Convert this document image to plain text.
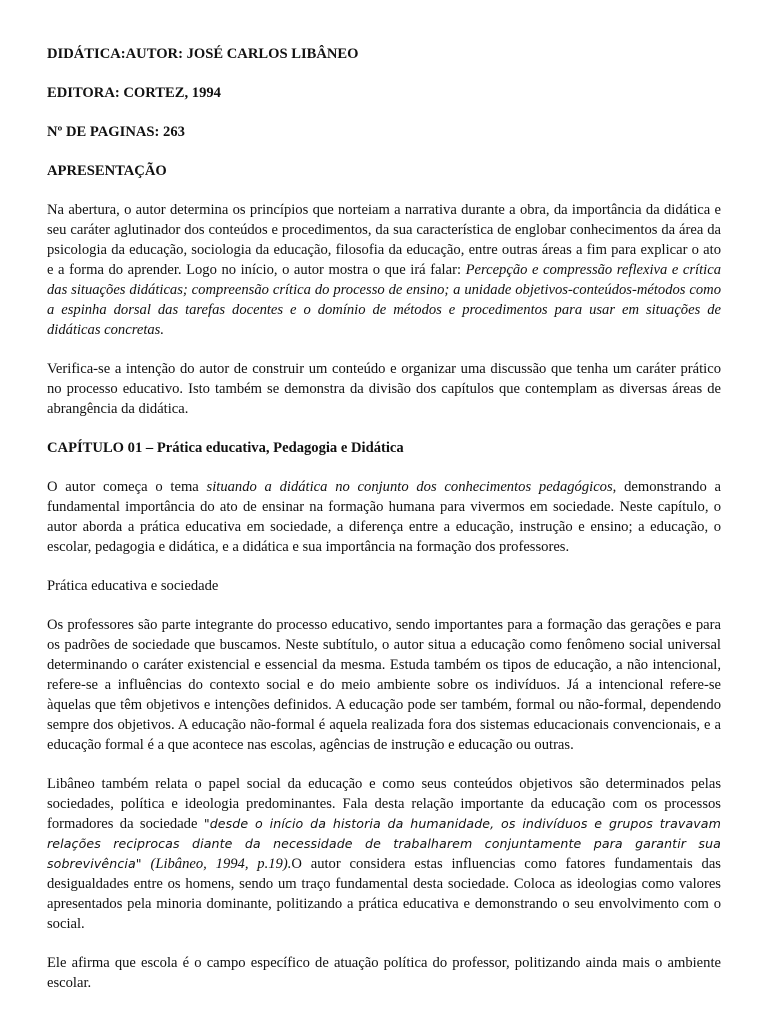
DIDÁTICA:AUTOR: JOSÉ CARLOS LIBÂNEO

EDITORA: CORTEZ, 1994

Nº DE PAGINAS: 263

APRESENTAÇÃO

Na abertura, o autor determina os princípios que norteiam a narrativa durante a obra, da importância da didática e seu caráter aglutinador dos conteúdos e procedimentos, da sua característica de englobar conhecimentos da área da psicologia da educação, sociologia da educação, filosofia da educação, entre outras áreas a fim para explicar o ato e a forma do aprender. Logo no início, o autor mostra o que irá falar: Percepção e compressão reflexiva e crítica das situações didáticas; compreensão crítica do processo de ensino; a unidade objetivos-conteúdos-métodos como a espinha dorsal das tarefas docentes e o domínio de métodos e procedimentos para usar em situações de didáticas concretas.

Verifica-se a intenção do autor de construir um conteúdo e organizar uma discussão que tenha um caráter prático no processo educativo. Isto também se demonstra da divisão dos capítulos que contemplam as diversas áreas de abrangência da didática.

CAPÍTULO 01 – Prática educativa, Pedagogia e Didática

O autor começa o tema situando a didática no conjunto dos conhecimentos pedagógicos, demonstrando a fundamental importância do ato de ensinar na formação humana para vivermos em sociedade. Neste capítulo, o autor aborda a prática educativa em sociedade, a diferença entre a educação, instrução e ensino; a educação, o escolar, pedagogia e didática, e a didática e sua importância na formação dos professores.

Prática educativa e sociedade

Os professores são parte integrante do processo educativo, sendo importantes para a formação das gerações e para os padrões de sociedade que buscamos. Neste subtítulo, o autor situa a educação como fenômeno social universal determinando o caráter existencial e essencial da mesma. Estuda também os tipos de educação, a não intencional, refere-se a influências do contexto social e do meio ambiente sobre os indivíduos. Já a intencional refere-se àquelas que têm objetivos e intenções definidos. A educação pode ser também, formal ou não-formal, dependendo sempre dos objetivos. A educação não-formal é aquela realizada fora dos sistemas educacionais convencionais, e a educação formal é a que acontece nas escolas, agências de instrução e educação ou outras.

Libâneo também relata o papel social da educação e como seus conteúdos objetivos são determinados pelas sociedades, política e ideologia predominantes. Fala desta relação importante da educação com os processos formadores da sociedade "desde o início da historia da humanidade, os indivíduos e grupos travavam relações reciprocas diante da necessidade de trabalharem conjuntamente para garantir sua sobrevivência" (Libâneo, 1994, p.19).O autor considera estas influencias como fatores fundamentais das desigualdades entre os homens, sendo um traço fundamental desta sociedade. Coloca as ideologias como valores apresentados pela minoria dominante, politizando a prática educativa e demonstrando o seu envolvimento com o social.

Ele afirma que escola é o campo específico de atuação política do professor, politizando ainda mais o ambiente escolar.
